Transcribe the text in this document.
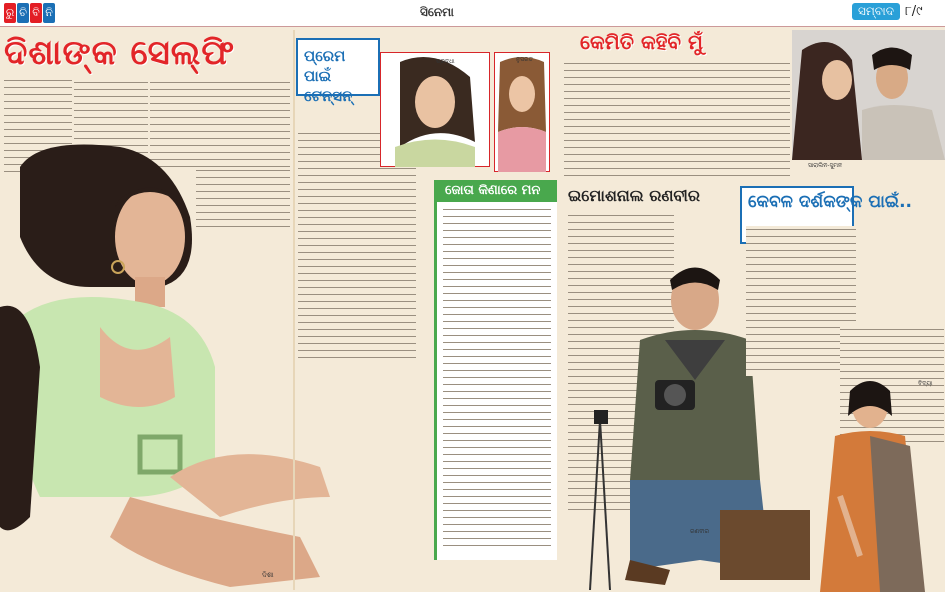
ରୁ ଚି ବି ନି	ସିନେମା	ସମ୍ବାଦ ୮/୯
ଦିଶାଙ୍କ ସେଲ୍‌ଫି
ଦିଶା
ପ୍ରେମ ପାଇଁ ଟେନ୍‌ସନ୍
ଶ୍ରଦ୍ଧା	ନୁସରତ
ଜୋତା କିଣାରେ ମନ
କେମିତି କହିବି ମୁଁ
ସାରାଲିନ-ସୁମନ
ଇମୋଶନାଲ ରଣବୀର
ରଣବୀର
କେବଳ ଦର୍ଶକଙ୍କ ପାଇଁ..
ବିଦ୍ୟା
